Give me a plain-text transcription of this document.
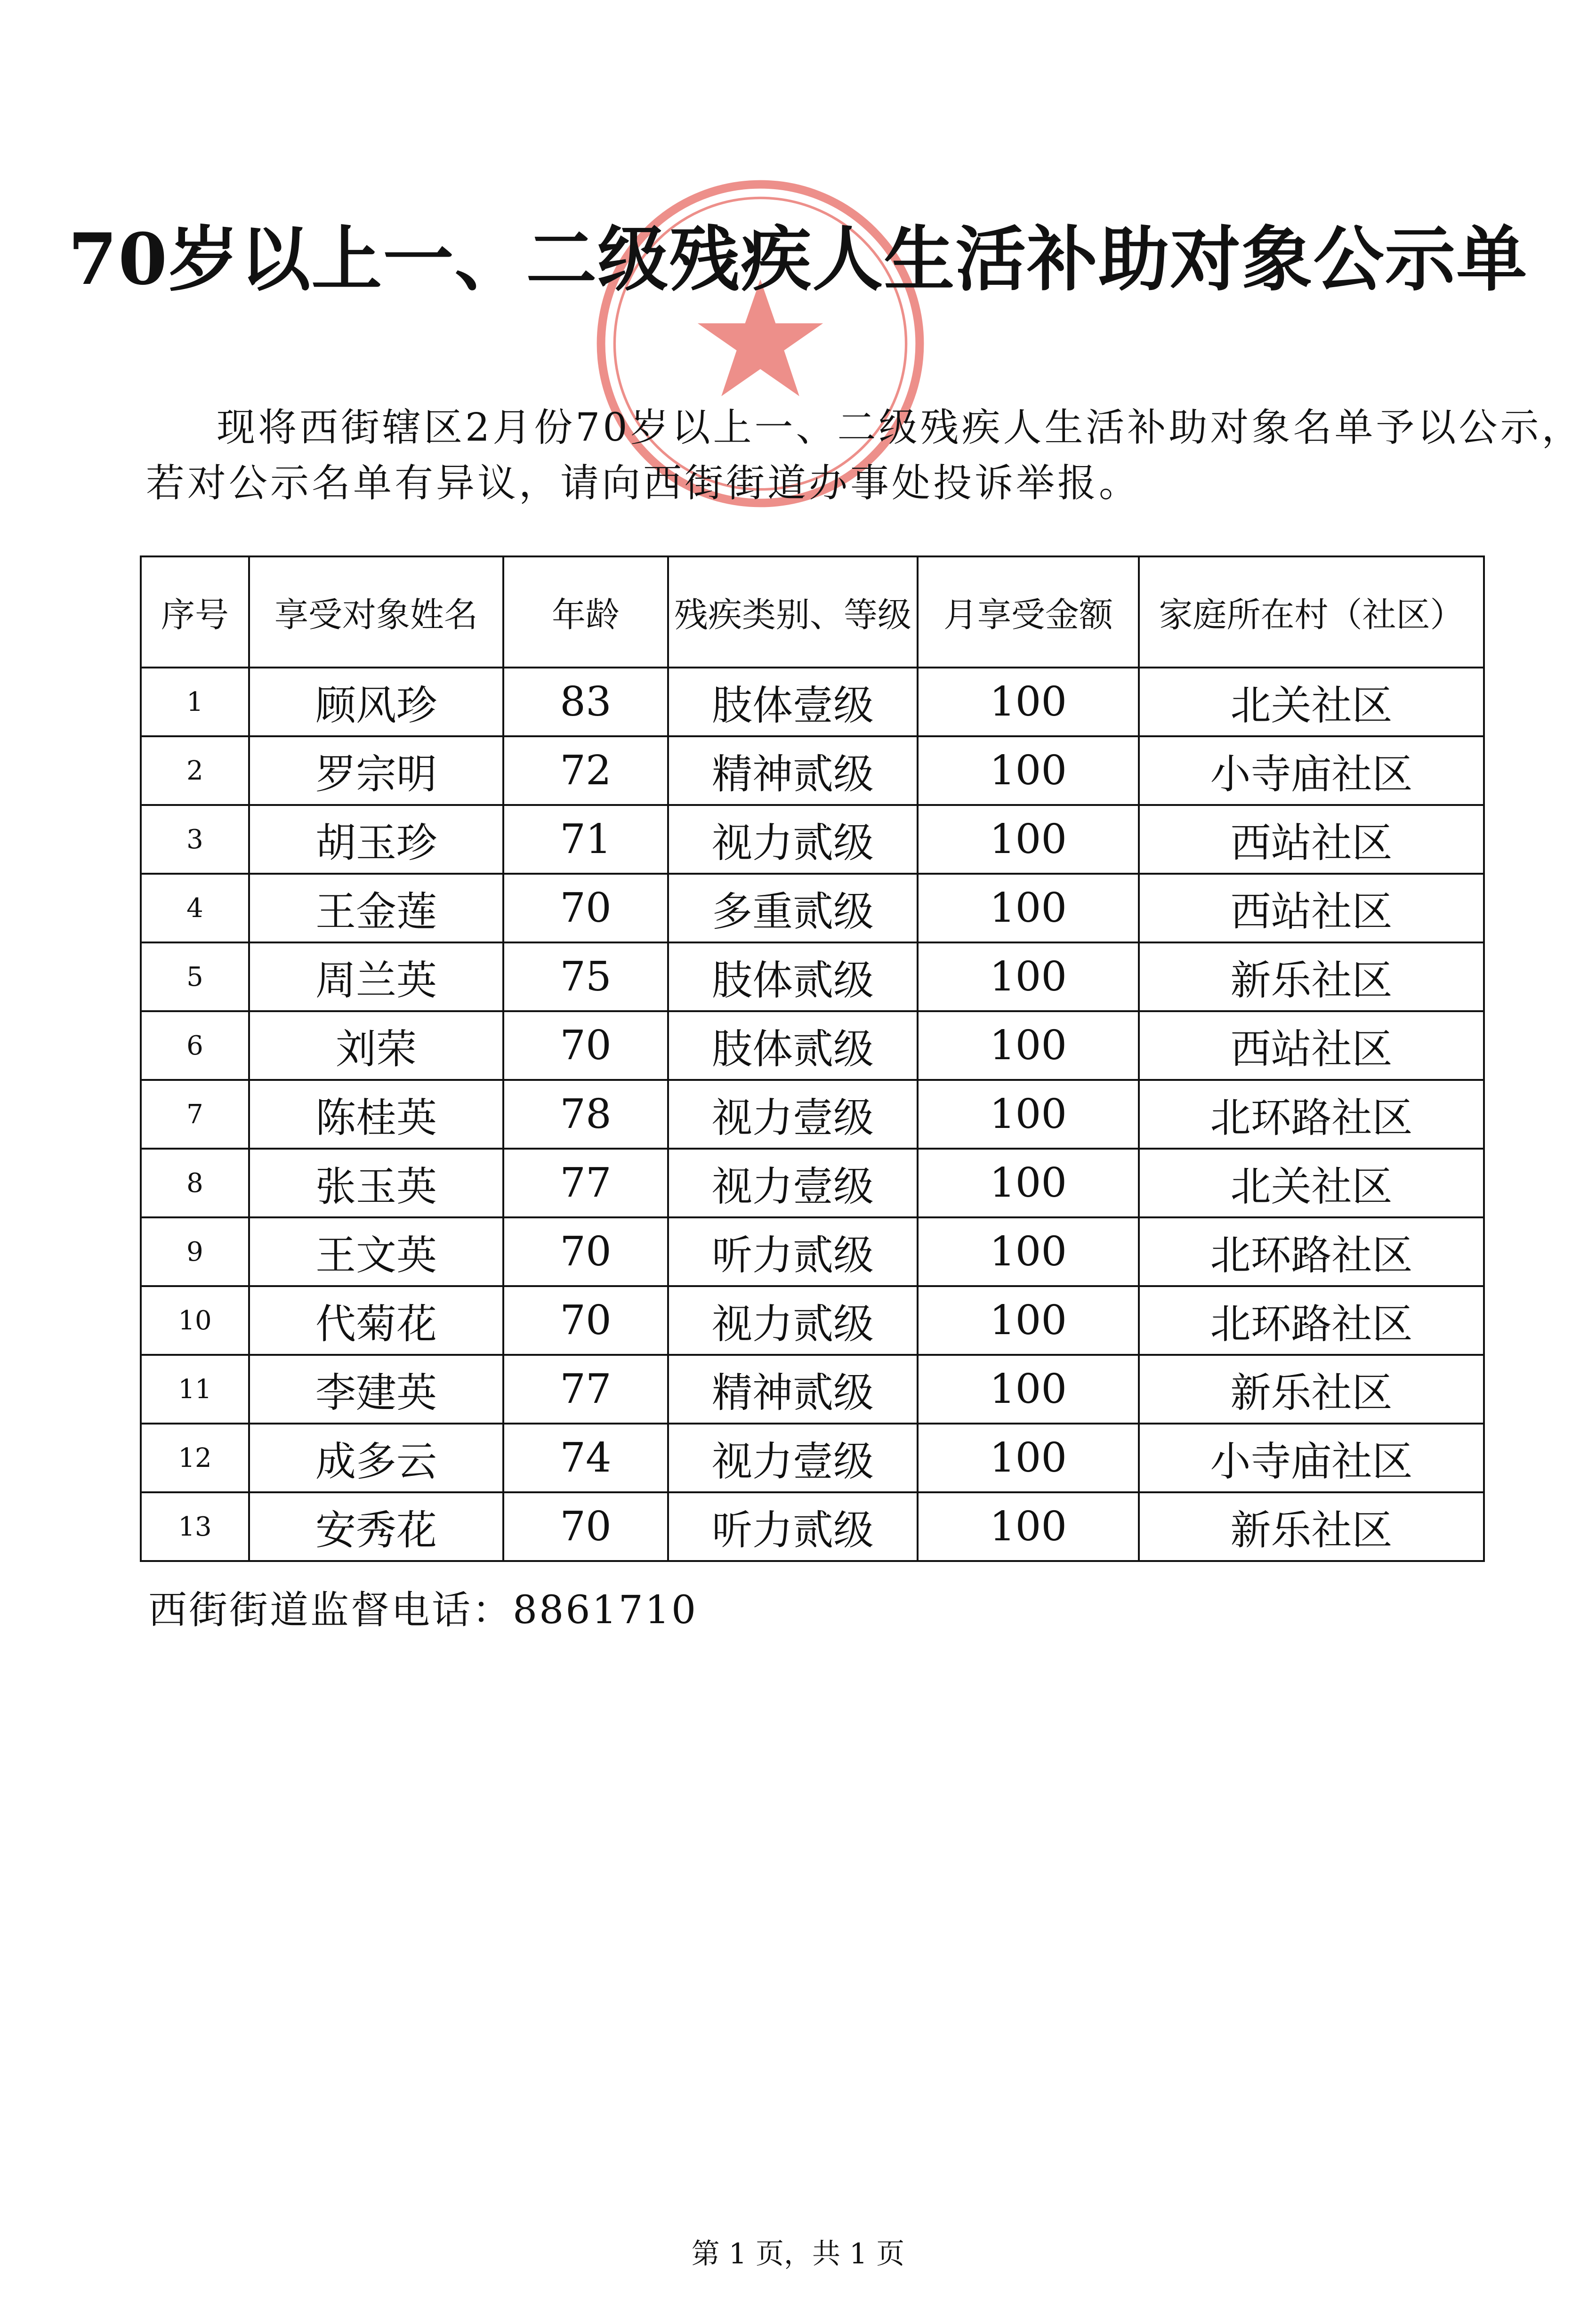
70岁以上一、二级残疾人生活补助对象公示单
现将西街辖区2月份70岁以上一、二级残疾人生活补助对象名单予以公示，
若对公示名单有异议，请向西街街道办事处投诉举报。
序号	享受对象姓名	年龄	残疾类别、等级	月享受金额	家庭所在村（社区）
1	顾风珍	83	肢体壹级	100	北关社区
2	罗宗明	72	精神贰级	100	小寺庙社区
3	胡玉珍	71	视力贰级	100	西站社区
4	王金莲	70	多重贰级	100	西站社区
5	周兰英	75	肢体贰级	100	新乐社区
6	刘荣	70	肢体贰级	100	西站社区
7	陈桂英	78	视力壹级	100	北环路社区
8	张玉英	77	视力壹级	100	北关社区
9	王文英	70	听力贰级	100	北环路社区
10	代菊花	70	视力贰级	100	北环路社区
11	李建英	77	精神贰级	100	新乐社区
12	成多云	74	视力壹级	100	小寺庙社区
13	安秀花	70	听力贰级	100	新乐社区
西街街道监督电话：8861710
第 1 页，共 1 页
